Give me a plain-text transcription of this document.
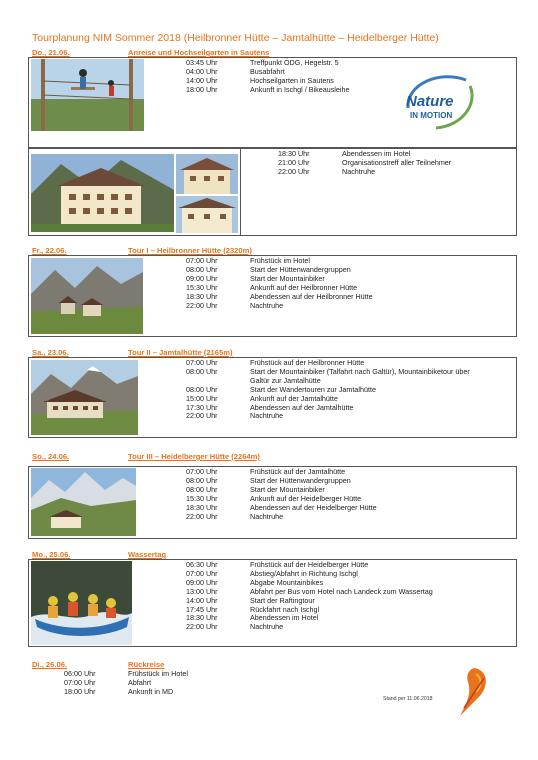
Tourplanung NIM Sommer 2018 (Heilbronner Hütte – Jamtalhütte – Heidelberger Hütte)
Do., 21.06.	Anreise und Hochseilgarten in Sautens
03:45 Uhr	Treffpunkt ÖDG, Hegelstr. 5
04:00 Uhr	Busabfahrt
14:00 Uhr	Hochseilgarten in Sautens
18:00 Uhr	Ankunft in Ischgl / Bikeausleihe
Nature
IN MOTION
18:30 Uhr	Abendessen im Hotel
21:00 Uhr	Organisationstreff aller Teilnehmer
22:00 Uhr	Nachtruhe
Fr., 22.06.	Tour I – Heilbronner Hütte (2320m)
07:00 Uhr	Frühstück im Hotel
08:00 Uhr	Start der Hüttenwandergruppen
09:00 Uhr	Start der Mountainbiker
15:30 Uhr	Ankunft auf der Heilbronner Hütte
18:30 Uhr	Abendessen auf der Heilbronner Hütte
22:00 Uhr	Nachtruhe
Sa., 23.06.	Tour II – Jamtalhütte (2165m)
07:00 Uhr	Frühstück auf der Heilbronner Hütte
08:00 Uhr	Start der Mountainbiker (Talfahrt nach Galtür), Mountainbiketour über
Galtür zur Jamtalhütte
08:00 Uhr	Start der Wandertouren zur Jamtalhütte
15:00 Uhr	Ankunft auf der Jamtalhütte
17:30 Uhr	Abendessen auf der Jamtalhütte
22:00 Uhr	Nachtruhe
So., 24.06.	Tour III – Heidelberger Hütte (2264m)
07:00 Uhr	Frühstück auf der Jamtalhütte
08:00 Uhr	Start der Hüttenwandergruppen
08:00 Uhr	Start der Mountainbiker
15:30 Uhr	Ankunft auf der Heidelberger Hütte
18:30 Uhr	Abendessen auf der Heidelberger Hütte
22:00 Uhr	Nachtruhe
Mo., 25.06.	Wassertag
06:30 Uhr	Frühstück auf der Heidelberger Hütte
07:00 Uhr	Abstieg/Abfahrt in Richtung Ischgl
09:00 Uhr	Abgabe Mountainbikes
13:00 Uhr	Abfahrt per Bus vom Hotel nach Landeck zum Wassertag
14:00 Uhr	Start der Raftingtour
17:45 Uhr	Rückfahrt nach Ischgl
18:30 Uhr	Abendessen im Hotel
22:00 Uhr	Nachtruhe
Di., 26.06.	Rückreise
06:00 Uhr	Frühstück im Hotel
07:00 Uhr	Abfahrt
18:00 Uhr	Ankunft in MD
Stand per 11.06.2018
